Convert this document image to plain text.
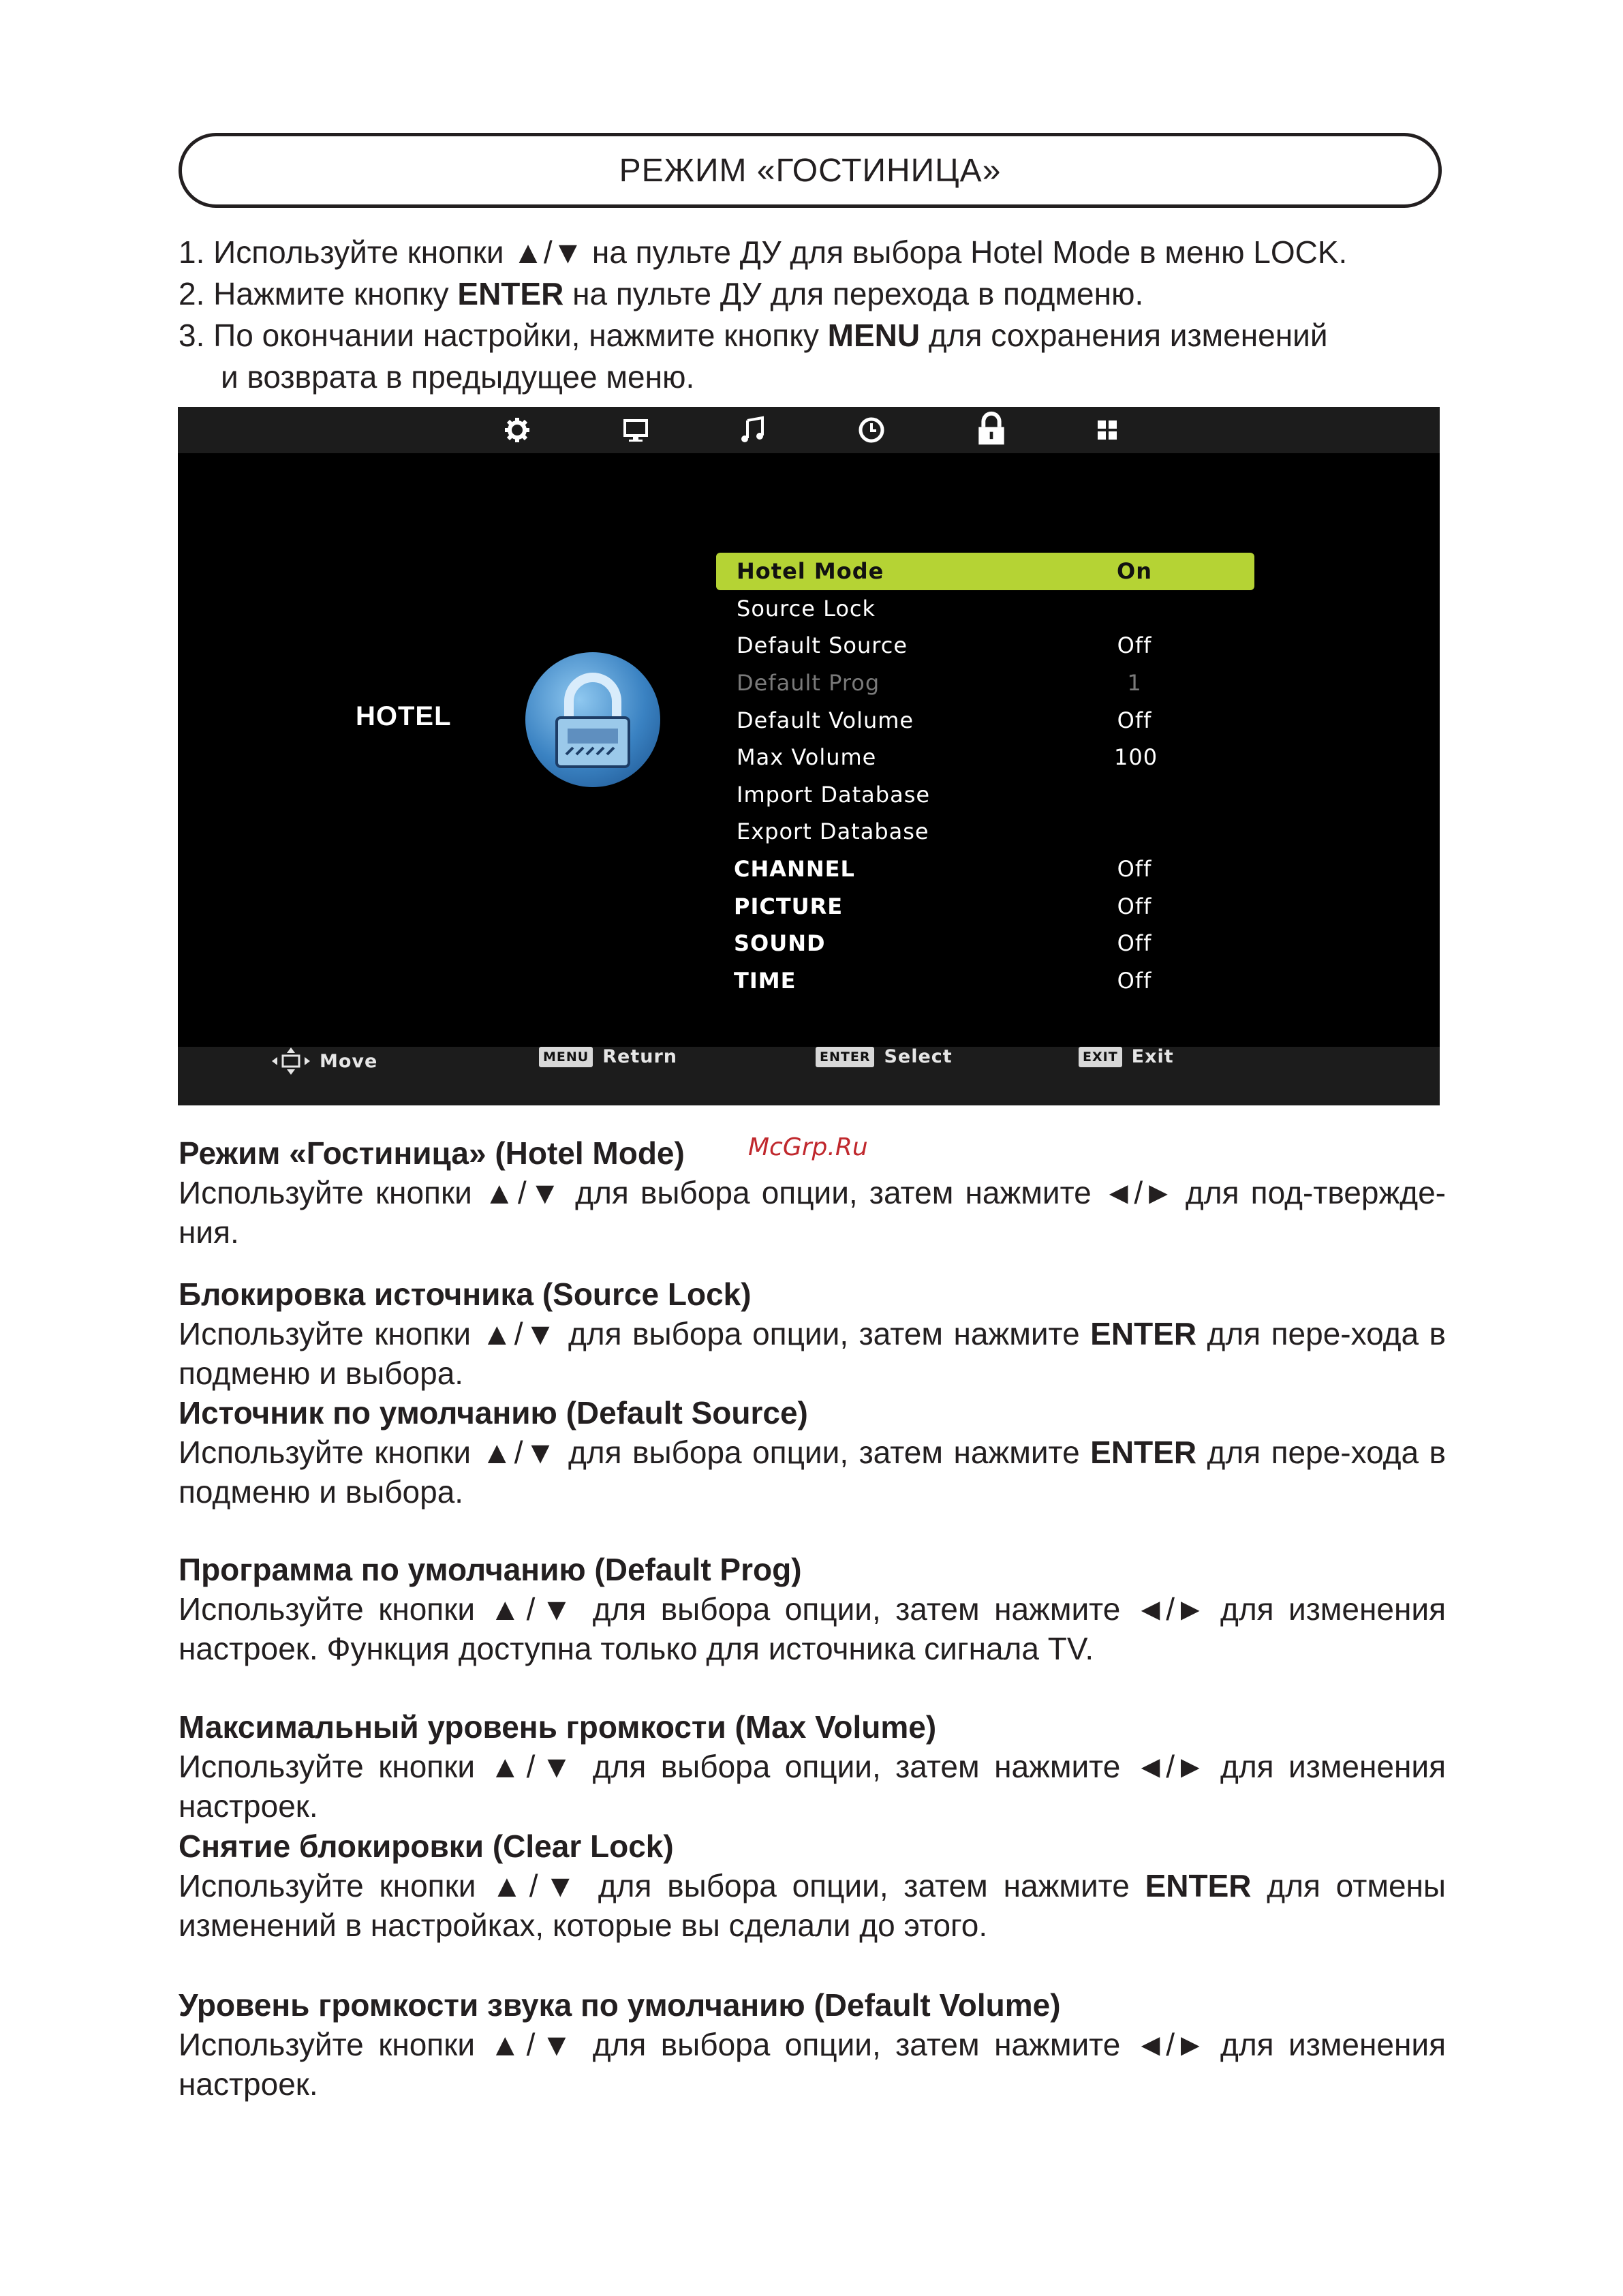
РЕЖИМ «ГОСТИНИЦА»

1. Используйте кнопки ▲/▼ на пульте ДУ для выбора Hotel Mode в меню LOCK.

2. Нажмите кнопку ENTER на пульте ДУ для перехода в подменю.

3. По окончании настройки, нажмите кнопку MENU для сохранения изменений

и возврата в предыдущее меню.

HOTEL
Hotel Mode	On
Source Lock
Default Source	Off
Default Prog	1
Default Volume	Off
Max Volume	100
Import Database
Export Database
CHANNEL	Off
PICTURE	Off
SOUND	Off
TIME	Off
Move	MENU Return	ENTER Select	EXIT Exit
McGrp.Ru
Режим «Гостиница» (Hotel Mode)

Используйте кнопки ▲/▼ для выбора опции, затем нажмите ◄/► для под-тверждения.

Блокировка источника (Source Lock)

Используйте кнопки ▲/▼ для выбора опции, затем нажмите ENTER для пере-хода в подменю и выбора.

Источник по умолчанию (Default Source)

Используйте кнопки ▲/▼ для выбора опции, затем нажмите ENTER для пере-хода в подменю и выбора.

Программа по умолчанию (Default Prog)

Используйте кнопки ▲/▼ для выбора опции, затем нажмите ◄/► для изменения настроек. Функция доступна только для источника сигнала TV.

Максимальный уровень громкости (Max Volume)

Используйте кнопки ▲/▼ для выбора опции, затем нажмите ◄/► для изменения настроек.

Снятие блокировки (Clear Lock)

Используйте кнопки ▲/▼ для выбора опции, затем нажмите ENTER для отмены изменений в настройках, которые вы сделали до этого.

Уровень громкости звука по умолчанию (Default Volume)

Используйте кнопки ▲/▼ для выбора опции, затем нажмите ◄/► для изменения настроек.
